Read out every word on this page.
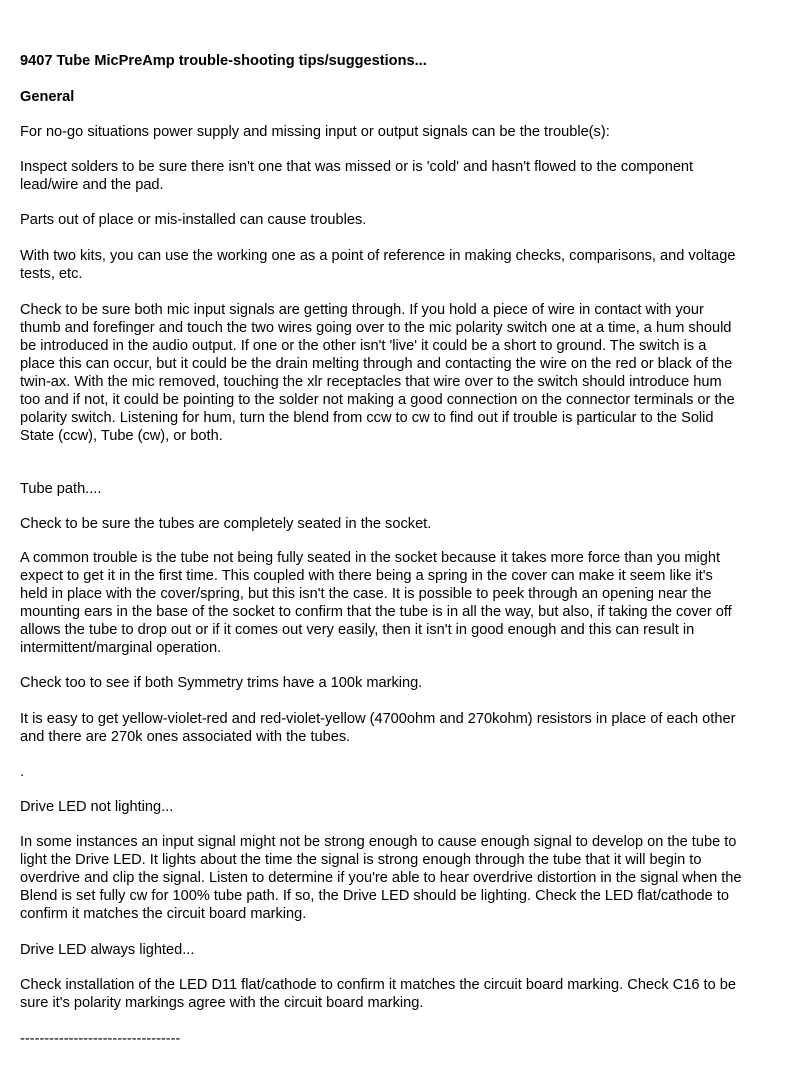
9407 Tube MicPreAmp trouble-shooting tips/suggestions...

General

For no-go situations power supply and missing input or output signals can be the trouble(s):

Inspect solders to be sure there isn't one that was missed or is 'cold' and hasn't flowed to the component
lead/wire and the pad.

Parts out of place or mis-installed can cause troubles.

With two kits, you can use the working one as a point of reference in making checks, comparisons, and voltage
tests, etc.

Check to be sure both mic input signals are getting through. If you hold a piece of wire in contact with your
thumb and forefinger and touch the two wires going over to the mic polarity switch one at a time, a hum should
be introduced in the audio output. If one or the other isn't 'live' it could be a short to ground. The switch is a
place this can occur, but it could be the drain melting through and contacting the wire on the red or black of the
twin-ax. With the mic removed, touching the xlr receptacles that wire over to the switch should introduce hum
too and if not, it could be pointing to the solder not making a good connection on the connector terminals or the
polarity switch. Listening for hum, turn the blend from ccw to cw to find out if trouble is particular to the Solid
State (ccw), Tube (cw), or both.

Tube path....

Check to be sure the tubes are completely seated in the socket.

A common trouble is the tube not being fully seated in the socket because it takes more force than you might
expect to get it in the first time. This coupled with there being a spring in the cover can make it seem like it's
held in place with the cover/spring, but this isn't the case. It is possible to peek through an opening near the
mounting ears in the base of the socket to confirm that the tube is in all the way, but also, if taking the cover off
allows the tube to drop out or if it comes out very easily, then it isn't in good enough and this can result in
intermittent/marginal operation.

Check too to see if both Symmetry trims have a 100k marking.

It is easy to get yellow-violet-red and red-violet-yellow (4700ohm and 270kohm) resistors in place of each other
and there are 270k ones associated with the tubes.

.

Drive LED not lighting...

In some instances an input signal might not be strong enough to cause enough signal to develop on the tube to
light the Drive LED. It lights about the time the signal is strong enough through the tube that it will begin to
overdrive and clip the signal. Listen to determine if you're able to hear overdrive distortion in the signal when the
Blend is set fully cw for 100% tube path. If so, the Drive LED should be lighting. Check the LED flat/cathode to
confirm it matches the circuit board marking.

Drive LED always lighted...

Check installation of the LED D11 flat/cathode to confirm it matches the circuit board marking. Check C16 to be
sure it's polarity markings agree with the circuit board marking.

---------------------------------
